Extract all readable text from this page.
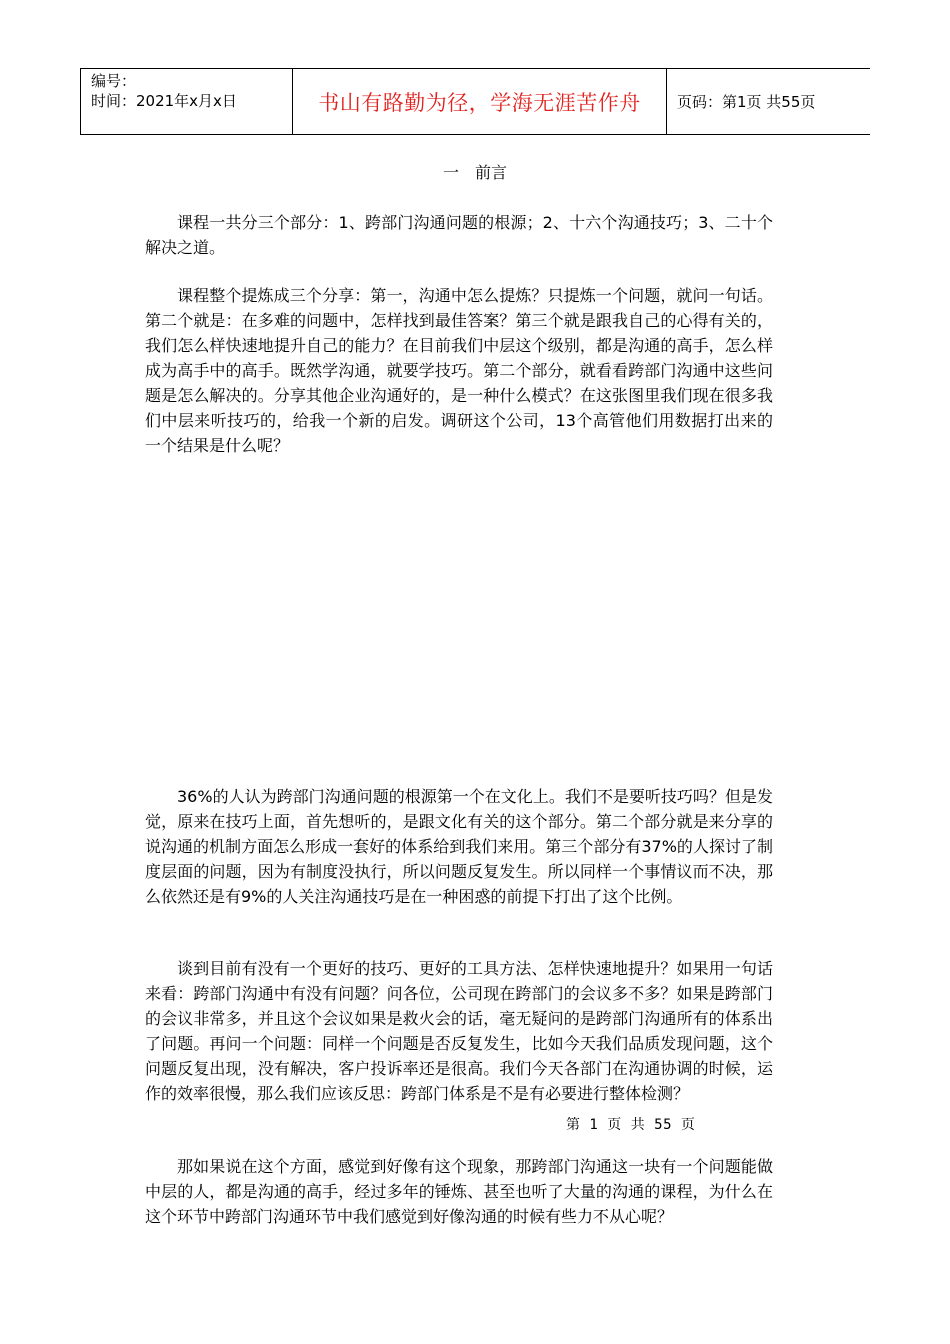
编号：
时间：2021年x月x日	书山有路勤为径，学海无涯苦作舟	页码：第1页 共55页
一 前言

课程一共分三个部分：1、跨部门沟通问题的根源；2、十六个沟通技巧；3、二十个解决之道。

课程整个提炼成三个分享：第一，沟通中怎么提炼？只提炼一个问题，就问一句话。第二个就是：在多难的问题中，怎样找到最佳答案？第三个就是跟我自己的心得有关的，我们怎么样快速地提升自己的能力？在目前我们中层这个级别，都是沟通的高手，怎么样成为高手中的高手。既然学沟通，就要学技巧。第二个部分，就看看跨部门沟通中这些问题是怎么解决的。分享其他企业沟通好的，是一种什么模式？在这张图里我们现在很多我们中层来听技巧的，给我一个新的启发。调研这个公司，13个高管他们用数据打出来的一个结果是什么呢？

36%的人认为跨部门沟通问题的根源第一个在文化上。我们不是要听技巧吗？但是发觉，原来在技巧上面，首先想听的，是跟文化有关的这个部分。第二个部分就是来分享的说沟通的机制方面怎么形成一套好的体系给到我们来用。第三个部分有37%的人探讨了制度层面的问题，因为有制度没执行，所以问题反复发生。所以同样一个事情议而不决，那么依然还是有9%的人关注沟通技巧是在一种困惑的前提下打出了这个比例。

谈到目前有没有一个更好的技巧、更好的工具方法、怎样快速地提升？如果用一句话来看：跨部门沟通中有没有问题？问各位，公司现在跨部门的会议多不多？如果是跨部门的会议非常多，并且这个会议如果是救火会的话，毫无疑问的是跨部门沟通所有的体系出了问题。再问一个问题：同样一个问题是否反复发生，比如今天我们品质发现问题，这个问题反复出现，没有解决，客户投诉率还是很高。我们今天各部门在沟通协调的时候，运作的效率很慢，那么我们应该反思：跨部门体系是不是有必要进行整体检测？

第 1 页 共 55 页

那如果说在这个方面，感觉到好像有这个现象，那跨部门沟通这一块有一个问题能做中层的人，都是沟通的高手，经过多年的锤炼、甚至也听了大量的沟通的课程，为什么在这个环节中跨部门沟通环节中我们感觉到好像沟通的时候有些力不从心呢？
